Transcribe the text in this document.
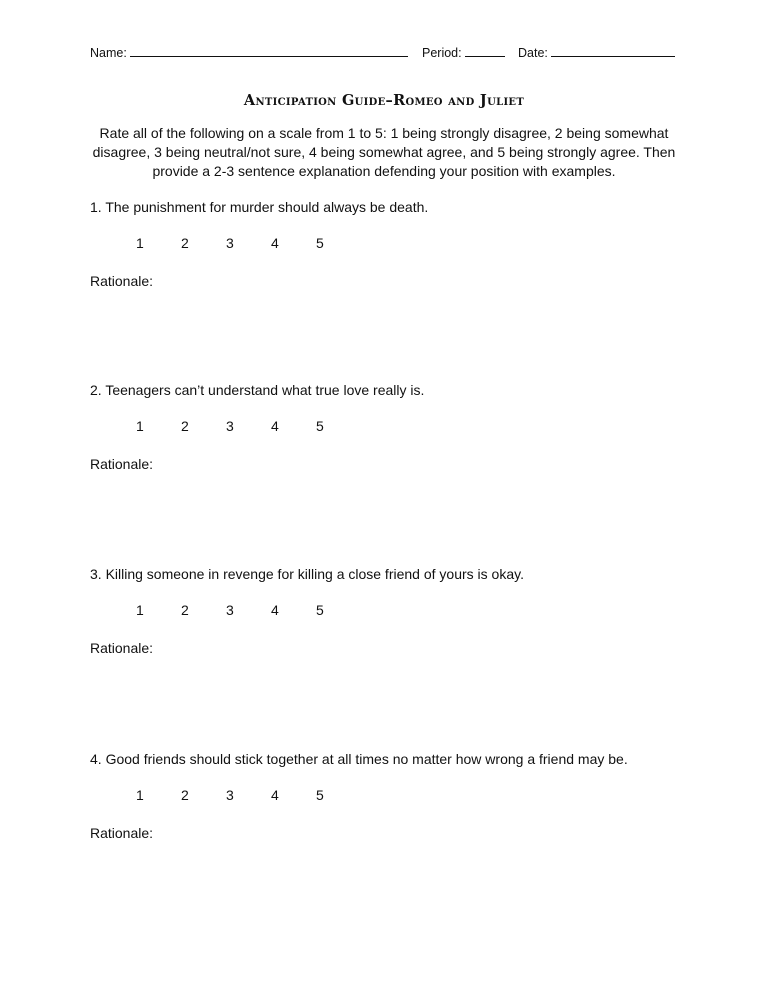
Name:	Period:	Date:
Anticipation Guide–Romeo and Juliet
Rate all of the following on a scale from 1 to 5: 1 being strongly disagree, 2 being somewhat disagree, 3 being neutral/not sure, 4 being somewhat agree, and 5 being strongly agree. Then provide a 2-3 sentence explanation defending your position with examples.
1. The punishment for murder should always be death.
1	2	3	4	5
Rationale:
2. Teenagers can’t understand what true love really is.
1	2	3	4	5
Rationale:
3. Killing someone in revenge for killing a close friend of yours is okay.
1	2	3	4	5
Rationale:
4. Good friends should stick together at all times no matter how wrong a friend may be.
1	2	3	4	5
Rationale:
